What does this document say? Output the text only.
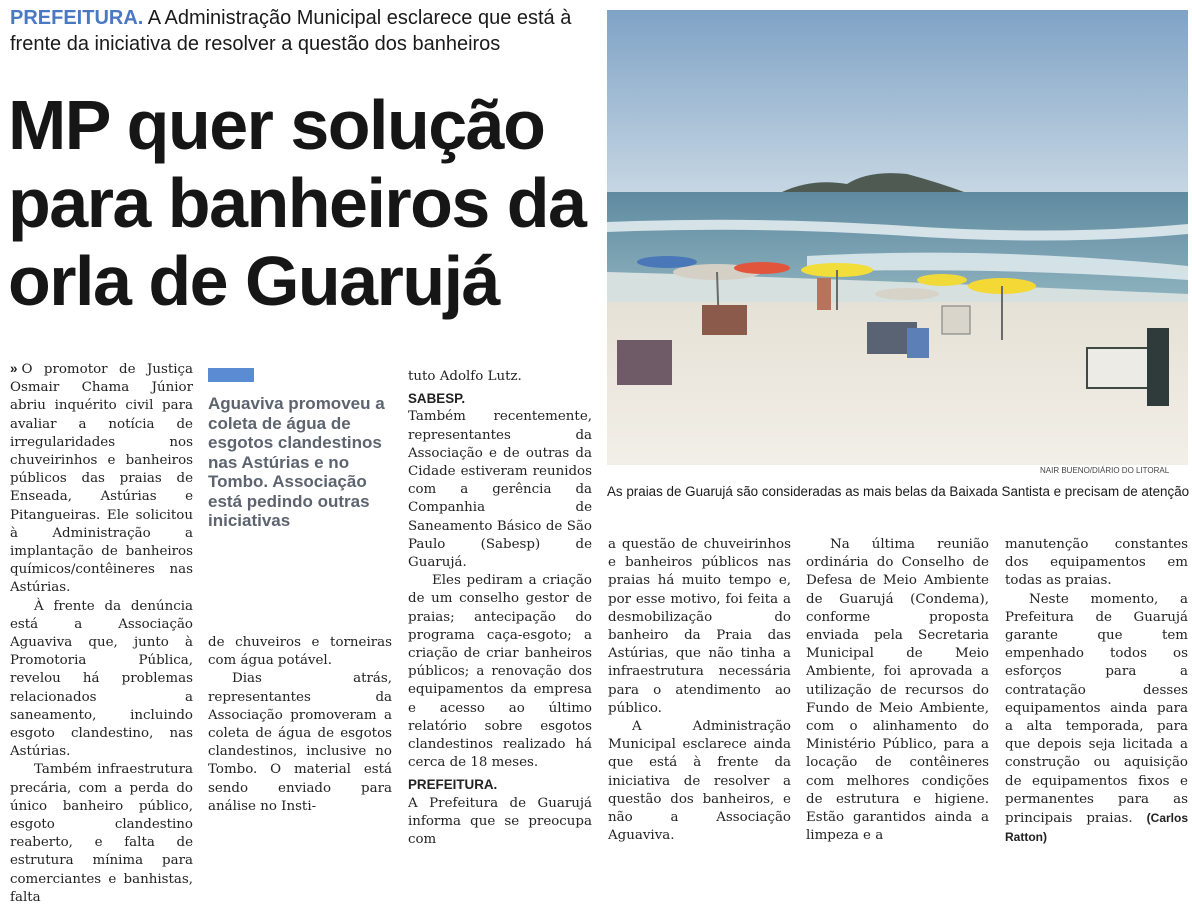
PREFEITURA. A Administração Municipal esclarece que está à frente da iniciativa de resolver a questão dos banheiros
MP quer solução
para banheiros da
orla de Guarujá

» O promotor de Justiça Osmair Chama Júnior abriu inquérito civil para avaliar a notícia de irregularidades nos chuveirinhos e banheiros públicos das praias de Enseada, Astúrias e Pitangueiras. Ele solicitou à Administração a implantação de banheiros químicos/contêineres nas Astúrias.

À frente da denúncia está a Associação Aguaviva que, junto à Promotoria Pública, revelou há problemas relacionados a saneamento, incluindo esgoto clandestino, nas Astúrias.

Também infraestrutura precária, com a perda do único banheiro público, esgoto clandestino reaberto, e falta de estrutura mínima para comerciantes e banhistas, falta

Aguaviva promoveu a coleta de água de esgotos clandestinos nas Astúrias e no Tombo. Associação está pedindo outras iniciativas

de chuveiros e torneiras com água potável.

Dias atrás, representantes da Associação promoveram a coleta de água de esgotos clandestinos, inclusive no Tombo. O material está sendo enviado para análise no Insti-

tuto Adolfo Lutz.

SABESP.

Também recentemente, representantes da Associação e de outras da Cidade estiveram reunidos com a gerência da Companhia de Saneamento Básico de São Paulo (Sabesp) de Guarujá.

Eles pediram a criação de um conselho gestor de praias; antecipação do programa caça-esgoto; a criação de criar banheiros públicos; a renovação dos equipamentos da empresa e acesso ao último relatório sobre esgotos clandestinos realizado há cerca de 18 meses.

PREFEITURA.

A Prefeitura de Guarujá informa que se preocupa com

NAIR BUENO/DIÁRIO DO LITORAL
As praias de Guarujá são consideradas as mais belas da Baixada Santista e precisam de atenção

a questão de chuveirinhos e banheiros públicos nas praias há muito tempo e, por esse motivo, foi feita a desmobilização do banheiro da Praia das Astúrias, que não tinha a infraestrutura necessária para o atendimento ao público.

A Administração Municipal esclarece ainda que está à frente da iniciativa de resolver a questão dos banheiros, e não a Associação Aguaviva.

Na última reunião ordinária do Conselho de Defesa de Meio Ambiente de Guarujá (Condema), conforme proposta enviada pela Secretaria Municipal de Meio Ambiente, foi aprovada a utilização de recursos do Fundo de Meio Ambiente, com o alinhamento do Ministério Público, para a locação de contêineres com melhores condições de estrutura e higiene. Estão garantidos ainda a limpeza e a

manutenção constantes dos equipamentos em todas as praias.

Neste momento, a Prefeitura de Guarujá garante que tem empenhado todos os esforços para a contratação desses equipamentos ainda para a alta temporada, para que depois seja licitada a construção ou aquisição de equipamentos fixos e permanentes para as principais praias. (Carlos Ratton)
